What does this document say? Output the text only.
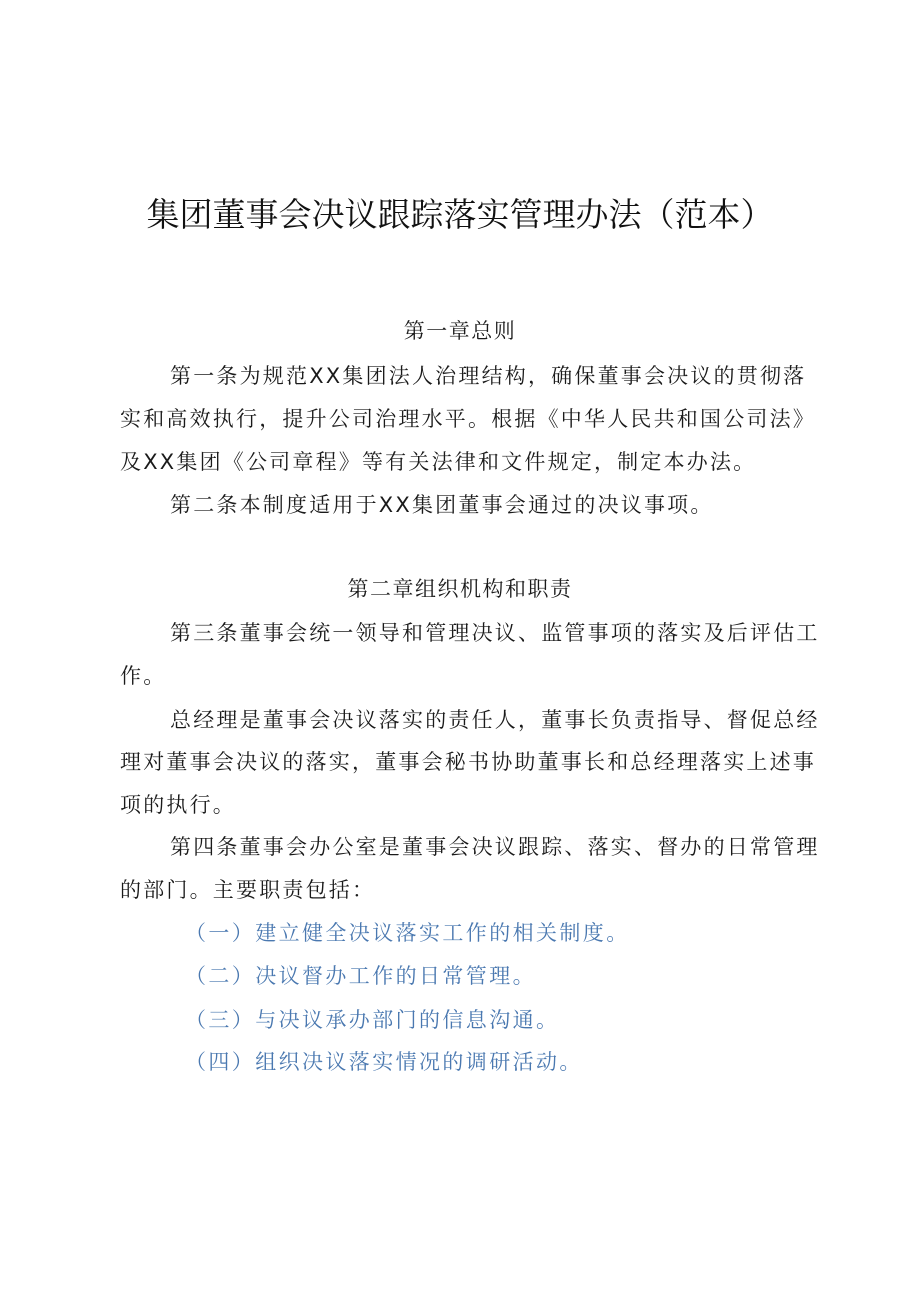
集团董事会决议跟踪落实管理办法（范本）
第一章总则
第一条为规范XX集团法人治理结构，确保董事会决议的贯彻落
实和高效执行，提升公司治理水平。根据《中华人民共和国公司法》
及XX集团《公司章程》等有关法律和文件规定，制定本办法。
第二条本制度适用于XX集团董事会通过的决议事项。
第二章组织机构和职责
第三条董事会统一领导和管理决议、监管事项的落实及后评估工
作。
总经理是董事会决议落实的责任人，董事长负责指导、督促总经
理对董事会决议的落实，董事会秘书协助董事长和总经理落实上述事
项的执行。
第四条董事会办公室是董事会决议跟踪、落实、督办的日常管理
的部门。主要职责包括：
（一）建立健全决议落实工作的相关制度。
（二）决议督办工作的日常管理。
（三）与决议承办部门的信息沟通。
（四）组织决议落实情况的调研活动。
